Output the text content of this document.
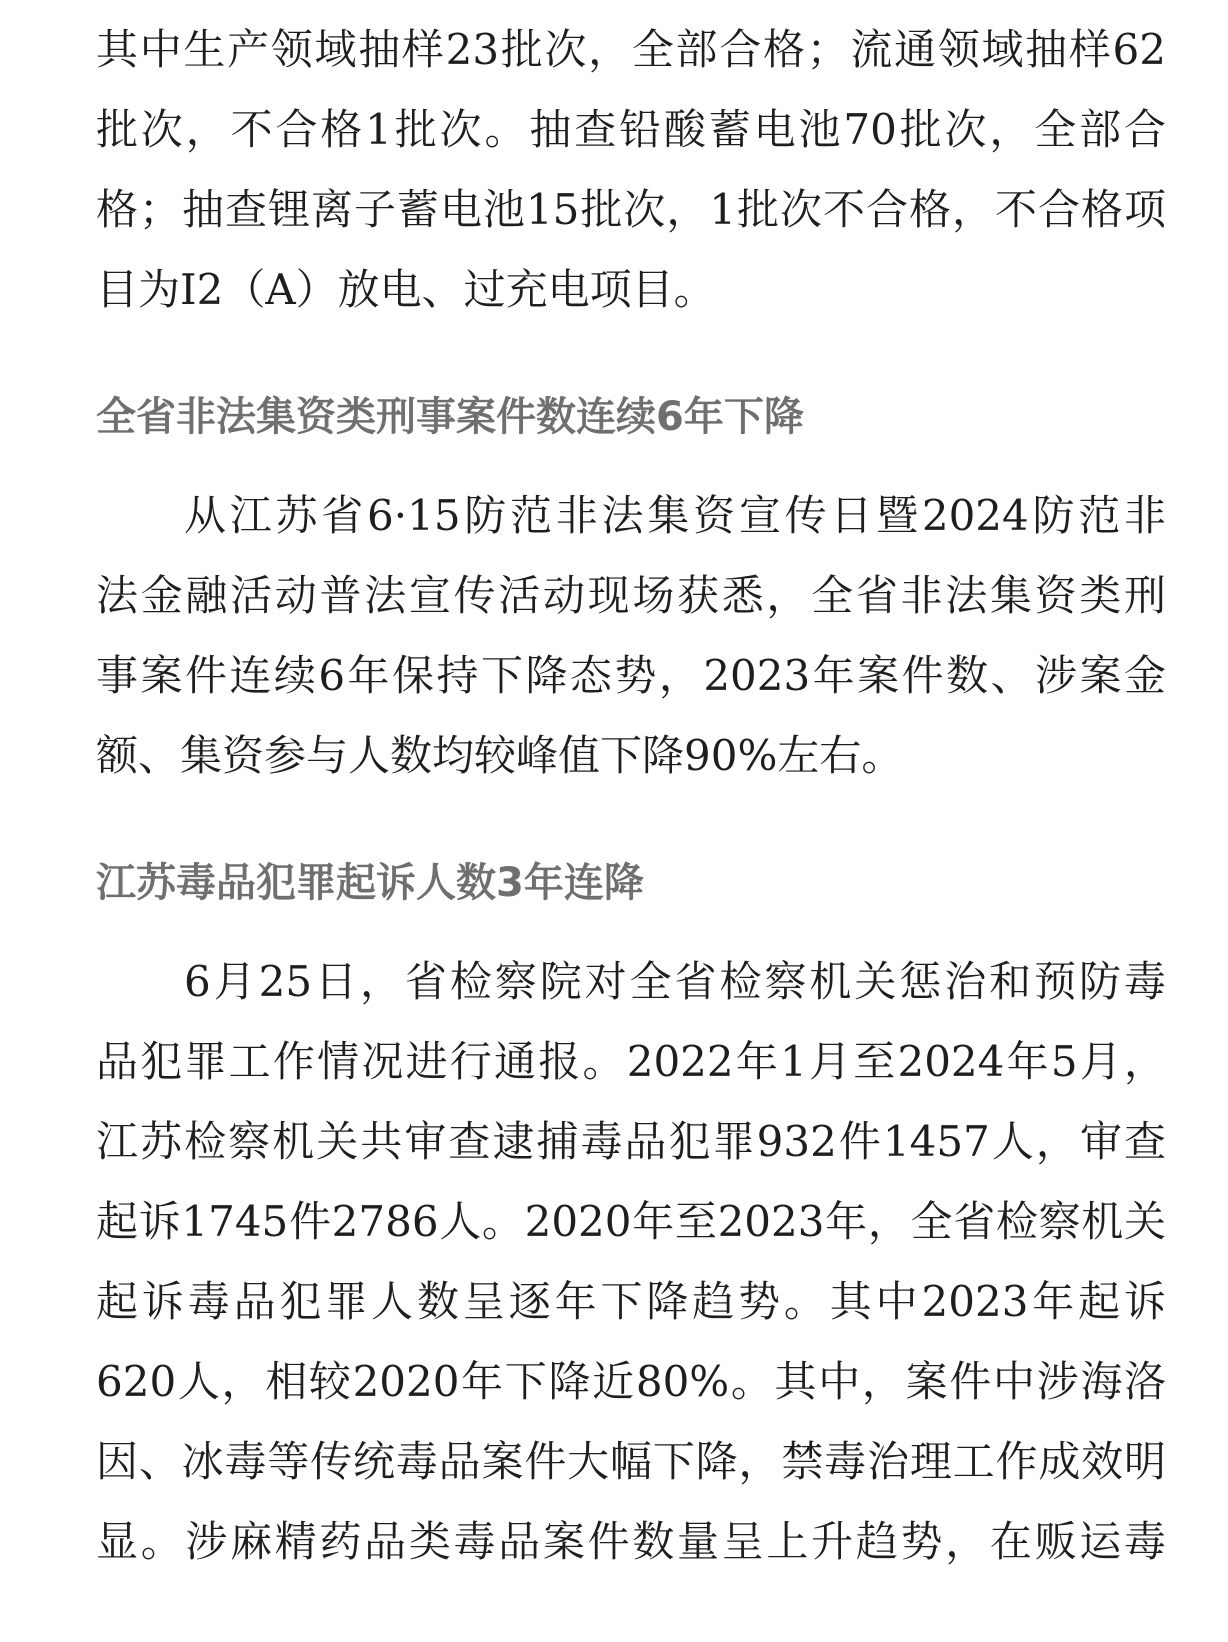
其中生产领域抽样23批次，全部合格；流通领域抽样62
批次，不合格1批次。抽查铅酸蓄电池70批次，全部合
格；抽查锂离子蓄电池15批次，1批次不合格，不合格项
目为I2（A）放电、过充电项目。
全省非法集资类刑事案件数连续6年下降
从江苏省6·15防范非法集资宣传日暨2024防范非
法金融活动普法宣传活动现场获悉，全省非法集资类刑
事案件连续6年保持下降态势，2023年案件数、涉案金
额、集资参与人数均较峰值下降90%左右。
江苏毒品犯罪起诉人数3年连降
6月25日，省检察院对全省检察机关惩治和预防毒
品犯罪工作情况进行通报。2022年1月至2024年5月，
江苏检察机关共审查逮捕毒品犯罪932件1457人，审查
起诉1745件2786人。2020年至2023年，全省检察机关
起诉毒品犯罪人数呈逐年下降趋势。其中2023年起诉
620人，相较2020年下降近80%。其中，案件中涉海洛
因、冰毒等传统毒品案件大幅下降，禁毒治理工作成效明
显。涉麻精药品类毒品案件数量呈上升趋势，在贩运毒
